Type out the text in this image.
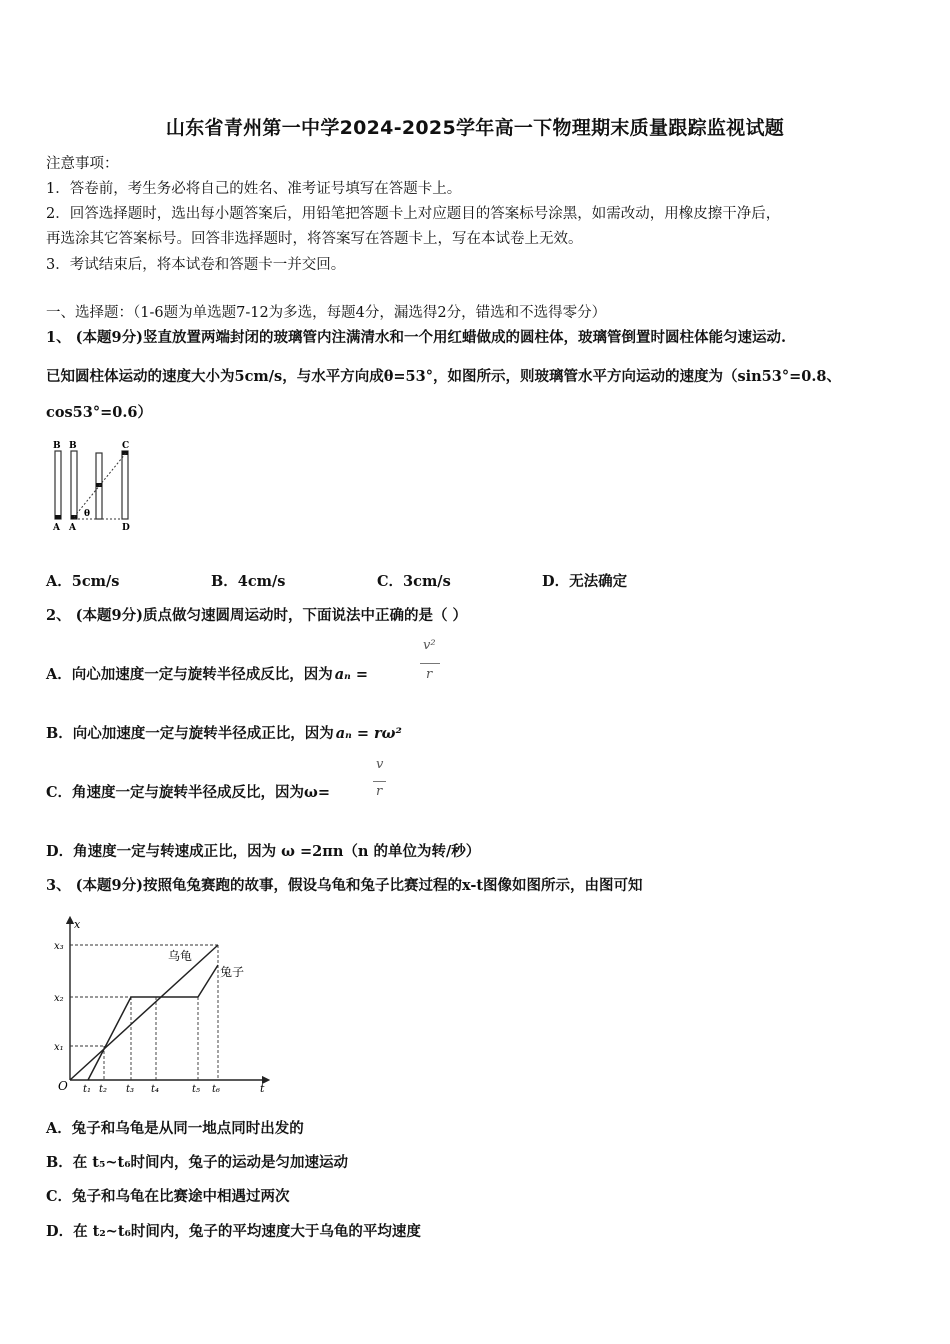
山东省青州第一中学2024-2025学年高一下物理期末质量跟踪监视试题
注意事项：
1．答卷前，考生务必将自己的姓名、准考证号填写在答题卡上。
2．回答选择题时，选出每小题答案后，用铅笔把答题卡上对应题目的答案标号涂黑，如需改动，用橡皮擦干净后，
再选涂其它答案标号。回答非选择题时，将答案写在答题卡上，写在本试卷上无效。
3．考试结束后，将本试卷和答题卡一并交回。
一、选择题：（1-6题为单选题7-12为多选，每题4分，漏选得2分，错选和不选得零分）
1、 (本题9分)竖直放置两端封闭的玻璃管内注满清水和一个用红蜡做成的圆柱体，玻璃管倒置时圆柱体能匀速运动.
已知圆柱体运动的速度大小为5cm/s，与水平方向成θ=53°，如图所示，则玻璃管水平方向运动的速度为（sin53°=0.8、
cos53°=0.6）
B B	C
A A	D
θ
A．5cm/s	B．4cm/s	C．3cm/s	D．无法确定
2、 (本题9分)质点做匀速圆周运动时，下面说法中正确的是（ ）
A．向心加速度一定与旋转半径成反比，因为 aₙ =
v²
r
B．向心加速度一定与旋转半径成正比，因为 aₙ = rω²
C．角速度一定与旋转半径成反比，因为ω=
v
r
D．角速度一定与转速成正比，因为 ω =2πn（n 的单位为转/秒）
3、 (本题9分)按照龟兔赛跑的故事，假设乌龟和兔子比赛过程的x-t图像如图所示，由图可知
x
t
O
乌龟
兔子
x₁
x₂
x₃
t₁ t₂ t₃ t₄	t₅ t₆
A．兔子和乌龟是从同一地点同时出发的
B．在 t₅~t₆时间内，兔子的运动是匀加速运动
C．兔子和乌龟在比赛途中相遇过两次
D．在 t₂~t₆时间内，兔子的平均速度大于乌龟的平均速度
